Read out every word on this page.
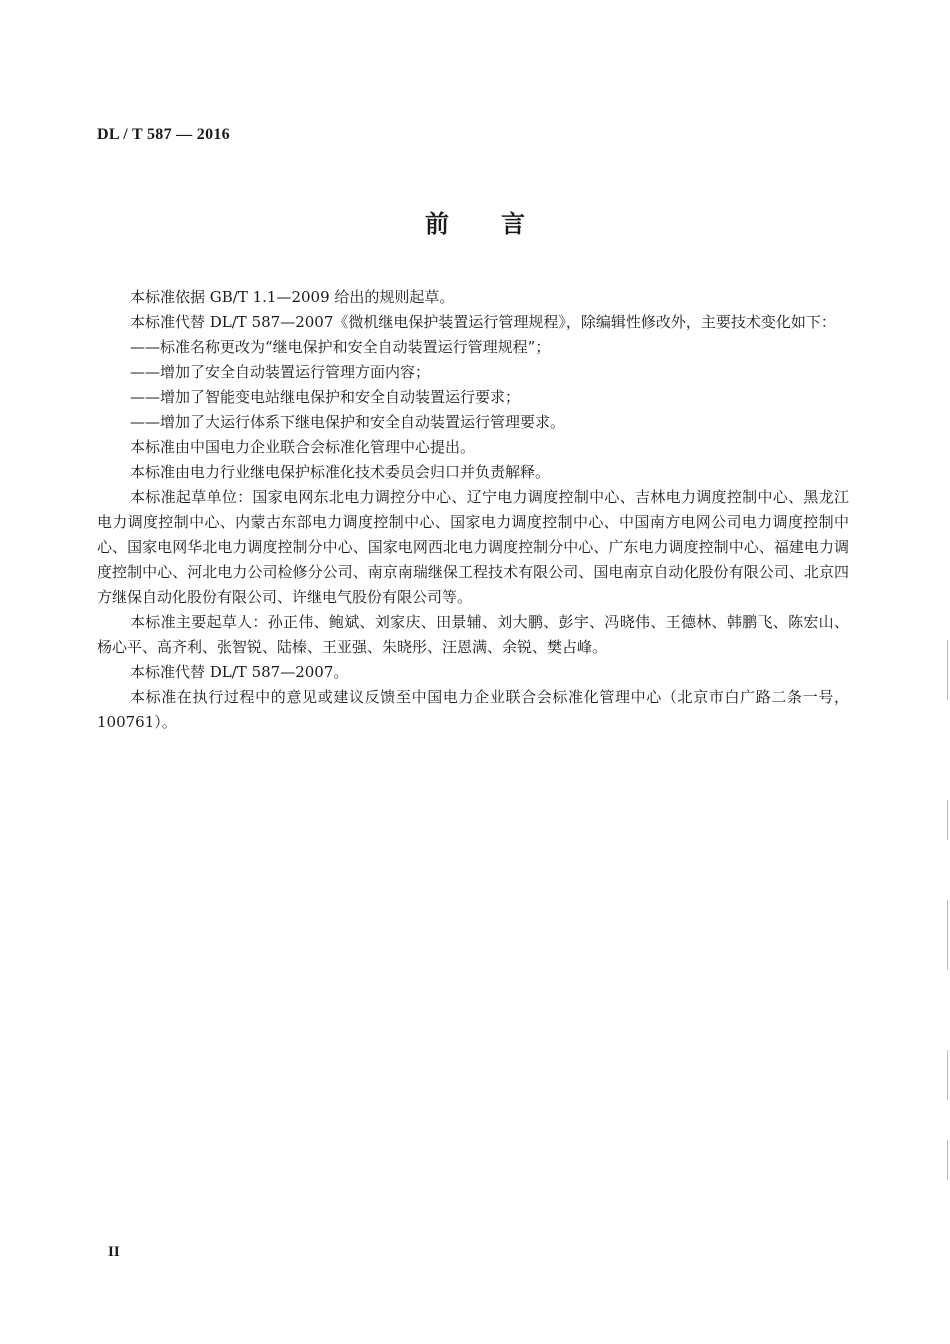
DL / T 587 — 2016
前言

本标准依据 GB/T 1.1—2009 给出的规则起草。

本标准代替 DL/T 587—2007《微机继电保护装置运行管理规程》，除编辑性修改外，主要技术变化如下：

——标准名称更改为“继电保护和安全自动装置运行管理规程”；

——增加了安全自动装置运行管理方面内容；

——增加了智能变电站继电保护和安全自动装置运行要求；

——增加了大运行体系下继电保护和安全自动装置运行管理要求。

本标准由中国电力企业联合会标准化管理中心提出。

本标准由电力行业继电保护标准化技术委员会归口并负责解释。

本标准起草单位：国家电网东北电力调控分中心、辽宁电力调度控制中心、吉林电力调度控制中心、黑龙江电力调度控制中心、内蒙古东部电力调度控制中心、国家电力调度控制中心、中国南方电网公司电力调度控制中心、国家电网华北电力调度控制分中心、国家电网西北电力调度控制分中心、广东电力调度控制中心、福建电力调度控制中心、河北电力公司检修分公司、南京南瑞继保工程技术有限公司、国电南京自动化股份有限公司、北京四方继保自动化股份有限公司、许继电气股份有限公司等。

本标准主要起草人：孙正伟、鲍斌、刘家庆、田景辅、刘大鹏、彭宇、冯晓伟、王德林、韩鹏飞、陈宏山、杨心平、高齐利、张智锐、陆榛、王亚强、朱晓彤、汪恩满、余锐、樊占峰。

本标准代替 DL/T 587—2007。

本标准在执行过程中的意见或建议反馈至中国电力企业联合会标准化管理中心（北京市白广路二条一号，100761）。

II
